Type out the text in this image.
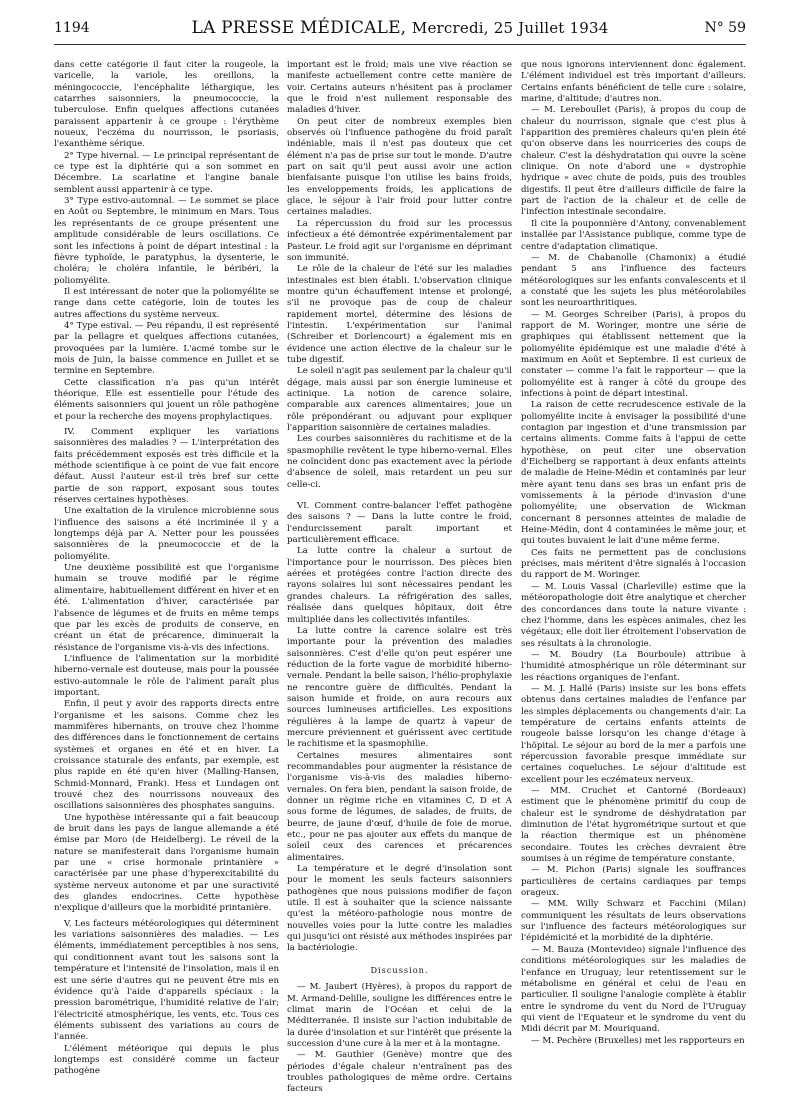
1194	LA PRESSE MÉDICALE, Mercredi, 25 Juillet 1934	N° 59

dans cette catégorie il faut citer la rougeole, la varicelle, la variole, les oreillons, la méningococcie, l'encéphalite léthargique, les catarrhes saisonniers, la pneumococcie, la tuberculose. Enfin quelques affections cutanées paraissent appartenir à ce groupe : l'érythème noueux, l'eczéma du nourrisson, le psoriasis, l'exanthème sérique.

2° Type hivernal. — Le principal représentant de ce type est la diphtérie qui a son sommet en Décembre. La scarlatine et l'angine banale semblent aussi appartenir à ce type.

3° Type estivo-automnal. — Le sommet se place en Août ou Septembre, le minimum en Mars. Tous les représentants de ce groupe présentent une amplitude considérable de leurs oscillations. Ce sont les infections à point de départ intestinal : la fièvre typhoïde, le paratyphus, la dysenterie, le choléra; le choléra infantile, le béribéri, la poliomyélite.

Il est intéressant de noter que la poliomyélite se range dans cette catégorie, loin de toutes les autres affections du système nerveux.

4° Type estival. — Peu répandu, il est représenté par la pellagre et quelques affections cutanées, provoquées par la lumière. L'acmé tombe sur le mois de Juin, la baisse commence en Juillet et se termine en Septembre.

Cette classification n'a pas qu'un intérêt théorique. Elle est essentielle pour l'étude des éléments saisonniers qui jouent un rôle pathogène et pour la recherche des moyens prophylactiques.

IV. Comment expliquer les variations saisonnières des maladies ? — L'interprétation des faits précédemment exposés est très difficile et la méthode scientifique à ce point de vue fait encore défaut. Aussi l'auteur est-il très bref sur cette partie de son rapport, exposant sous toutes réserves certaines hypothèses.

Une exaltation de la virulence microbienne sous l'influence des saisons a été incriminée il y a longtemps déjà par A. Netter pour les poussées saisonnières de la pneumococcie et de la poliomyélite.

Une deuxième possibilité est que l'organisme humain se trouve modifié par le régime alimentaire, habituellement différent en hiver et en été. L'alimentation d'hiver, caractérisée par l'absence de légumes et de fruits en même temps que par les excès de produits de conserve, en créant un état de précarence, diminuerait la résistance de l'organisme vis-à-vis des infections.

L'influence de l'alimentation sur la morbidité hiberno-vernale est douteuse, mais pour la poussée estivo-automnale le rôle de l'aliment paraît plus important.

Enfin, il peut y avoir des rapports directs entre l'organisme et les saisons. Comme chez les mammifères hibernants, on trouve chez l'homme des différences dans le fonctionnement de certains systèmes et organes en été et en hiver. La croissance staturale des enfants, par exemple, est plus rapide en été qu'en hiver (Malling-Hansen, Schmid-Monnard, Frank). Hess et Lundagen ont trouvé chez des nourrissons nouveaux des oscillations saisonnières des phosphates sanguins.

Une hypothèse intéressante qui a fait beaucoup de bruit dans les pays de langue allemande a été émise par Moro (de Heidelberg). Le réveil de la nature se manifesterait dans l'organisme humain par une « crise hormonale printanière » caractérisée par une phase d'hyperexcitabilité du système nerveux autonome et par une suractivité des glandes endocrines. Cette hypothèse n'explique d'ailleurs que la morbidité printanière.

V. Les facteurs météorologiques qui déterminent les variations saisonnières des maladies. — Les éléments, immédiatement perceptibles à nos sens, qui conditionnent avant tout les saisons sont la température et l'intensité de l'insolation, mais il en est une série d'autres qui ne peuvent être mis en évidence qu'à l'aide d'appareils spéciaux : la pression barométrique, l'humidité relative de l'air; l'électricité atmosphérique, les vents, etc. Tous ces éléments subissent des variations au cours de l'année.

L'élément météorique qui depuis le plus longtemps est considéré comme un facteur pathogène

important est le froid; mais une vive réaction se manifeste actuellement contre cette manière de voir. Certains auteurs n'hésitent pas à proclamer que le froid n'est nullement responsable des maladies d'hiver.

On peut citer de nombreux exemples bien observés où l'influence pathogène du froid paraît indéniable, mais il n'est pas douteux que cet élément n'a pas de prise sur tout le monde. D'autre part on sait qu'il peut aussi avoir une action bienfaisante puisque l'on utilise les bains froids, les enveloppements froids, les applications de glace, le séjour à l'air froid pour lutter contre certaines maladies.

La répercussion du froid sur les processus infectieux a été démontrée expérimentalement par Pasteur. Le froid agit sur l'organisme en déprimant son immunité.

Le rôle de la chaleur de l'été sur les maladies intestinales est bien établi. L'observation clinique montre qu'un échauffement intense et prolongé, s'il ne provoque pas de coup de chaleur rapidement mortel, détermine des lésions de l'intestin. L'expérimentation sur l'animal (Schreiber et Dorlencourt) a également mis en évidence une action élective de la chaleur sur le tube digestif.

Le soleil n'agit pas seulement par la chaleur qu'il dégage, mais aussi par son énergie lumineuse et actinique. La notion de carence solaire, comparable aux carences alimentaires, joue un rôle prépondérant ou adjuvant pour expliquer l'apparition saisonnière de certaines maladies.

Les courbes saisonnières du rachitisme et de la spasmophilie revêtent le type hiberno-vernal. Elles ne coïncident donc pas exactement avec la période d'absence de soleil, mais retardent un peu sur celle-ci.

VI. Comment contre-balancer l'effet pathogène des saisons ? — Dans la lutte contre le froid, l'endurcissement paraît important et particulièrement efficace.

La lutte contre la chaleur a surtout de l'importance pour le nourrisson. Des pièces bien aérées et protégées contre l'action directe des rayons solaires lui sont nécessaires pendant les grandes chaleurs. La réfrigération des salles, réalisée dans quelques hôpitaux, doit être multipliée dans les collectivités infantiles.

La lutte contre la carence solaire est très importante pour la prévention des maladies saisonnières. C'est d'elle qu'on peut espérer une réduction de la forte vague de morbidité hiberno-vernale. Pendant la belle saison, l'hélio-prophylaxie ne rencontre guère de difficultés. Pendant la saison humide et froide, on aura recours aux sources lumineuses artificielles. Les expositions régulières à la lampe de quartz à vapeur de mercure préviennent et guérissent avec certitude le rachitisme et la spasmophilie.

Certaines mesures alimentaires sont recommandables pour augmenter la résistance de l'organisme vis-à-vis des maladies hiberno-vernales. On fera bien, pendant la saison froide, de donner un régime riche en vitamines C, D et A sous forme de légumes, de salades, de fruits, de beurre, de jaune d'œuf, d'huile de foie de morue, etc., pour ne pas ajouter aux effets du manque de soleil ceux des carences et précarences alimentaires.

La température et le degré d'insolation sont pour le moment les seuls facteurs saisonniers pathogènes que nous puissions modifier de façon utile. Il est à souhaiter que la science naissante qu'est la météoro-pathologie nous montre de nouvelles voies pour la lutte contre les maladies qui jusqu'ici ont résisté aux méthodes inspirées par la bactériologie.

Discussion.

— M. Jaubert (Hyères), à propos du rapport de M. Armand-Delille, souligne les différences entre le climat marin de l'Océan et celui de la Méditerranée. Il insiste sur l'action indubitable de la durée d'insolation et sur l'intérêt que présente la succession d'une cure à la mer et à la montagne.

— M. Gauthier (Genève) montre que des périodes d'égale chaleur n'entraînent pas des troubles pathologiques de même ordre. Certains facteurs

que nous ignorons interviennent donc également. L'élément individuel est très important d'ailleurs. Certains enfants bénéficient de telle cure : solaire, marine, d'altitude; d'autres non.

— M. Lereboullet (Paris), à propos du coup de chaleur du nourrisson, signale que c'est plus à l'apparition des premières chaleurs qu'en plein été qu'on observe dans les nourriceries des coups de chaleur. C'est la déshydratation qui ouvre la scène clinique. On note d'abord une « dystrophie hydrique » avec chute de poids, puis des troubles digestifs. Il peut être d'ailleurs difficile de faire la part de l'action de la chaleur et de celle de l'infection intestinale secondaire.

Il cite la pouponnière d'Antony, convenablement installée par l'Assistance publique, comme type de centre d'adaptation climatique.

— M. de Chabanolle (Chamonix) a étudié pendant 5 ans l'influence des facteurs météorologiques sur les enfants convalescents et il a constaté que les sujets les plus météorolabiles sont les neuroarthritiques.

— M. Georges Schreiber (Paris), à propos du rapport de M. Woringer, montre une série de graphiques qui établissent nettement que la poliomyélite épidémique est une maladie d'été à maximum en Août et Septembre. Il est curieux de constater — comme l'a fait le rapporteur — que la poliomyélite est à ranger à côté du groupe des infections à point de départ intestinal.

La raison de cette recrudescence estivale de la poliomyélite incite à envisager la possibilité d'une contagion par ingestion et d'une transmission par certains aliments. Comme faits à l'appui de cette hypothèse, on peut citer une observation d'Eichelberg se rapportant à deux enfants atteints de maladie de Heine-Médin et contaminés par leur mère ayant tenu dans ses bras un enfant pris de vomissements à la période d'invasion d'une poliomyélite; une observation de Wickman concernant 8 personnes atteintes de maladie de Heine-Médin, dont 4 contaminées le même jour, et qui toutes buvaient le lait d'une même ferme.

Ces faits ne permettent pas de conclusions précises, mais méritent d'être signalés à l'occasion du rapport de M. Woringer.

— M. Louis Vassal (Charleville) estime que la météoropathologie doit être analytique et chercher des concordances dans toute la nature vivante : chez l'homme, dans les espèces animales, chez les végétaux; elle doit lier étroitement l'observation de ses résultats à la chronologie.

— M. Boudry (La Bourboule) attribue à l'humidité atmosphérique un rôle déterminant sur les réactions organiques de l'enfant.

— M. J. Hallé (Paris) insiste sur les bons effets obtenus dans certaines maladies de l'enfance par les simples déplacements ou changements d'air. La température de certains enfants atteints de rougeole baisse lorsqu'on les change d'étage à l'hôpital. Le séjour au bord de la mer a parfois une répercussion favorable presque immédiate sur certaines coqueluches. Le séjour d'altitude est excellent pour les eczémateux nerveux.

— MM. Cruchet et Cantorné (Bordeaux) estiment que le phénomène primitif du coup de chaleur est le syndrome de déshydratation par diminution de l'état hygrométrique surtout et que la réaction thermique est un phénomène secondaire. Toutes les crèches devraient être soumises à un régime de température constante.

— M. Pichon (Paris) signale les souffrances particulières de certains cardiaques par temps orageux.

— MM. Willy Schwarz et Facchini (Milan) communiquent les résultats de leurs observations sur l'influence des facteurs météorologiques sur l'épidémicité et la morbidité de la diphtérie.

— M. Bauza (Montevideo) signale l'influence des conditions météorologiques sur les maladies de l'enfance en Uruguay; leur retentissement sur le métabolisme en général et celui de l'eau en particulier. Il souligne l'analogie complète à établir entre le syndrome du vent du Nord de l'Uruguay qui vient de l'Equateur et le syndrome du vent du Midi décrit par M. Mouriquand.

— M. Pechère (Bruxelles) met les rapporteurs en
